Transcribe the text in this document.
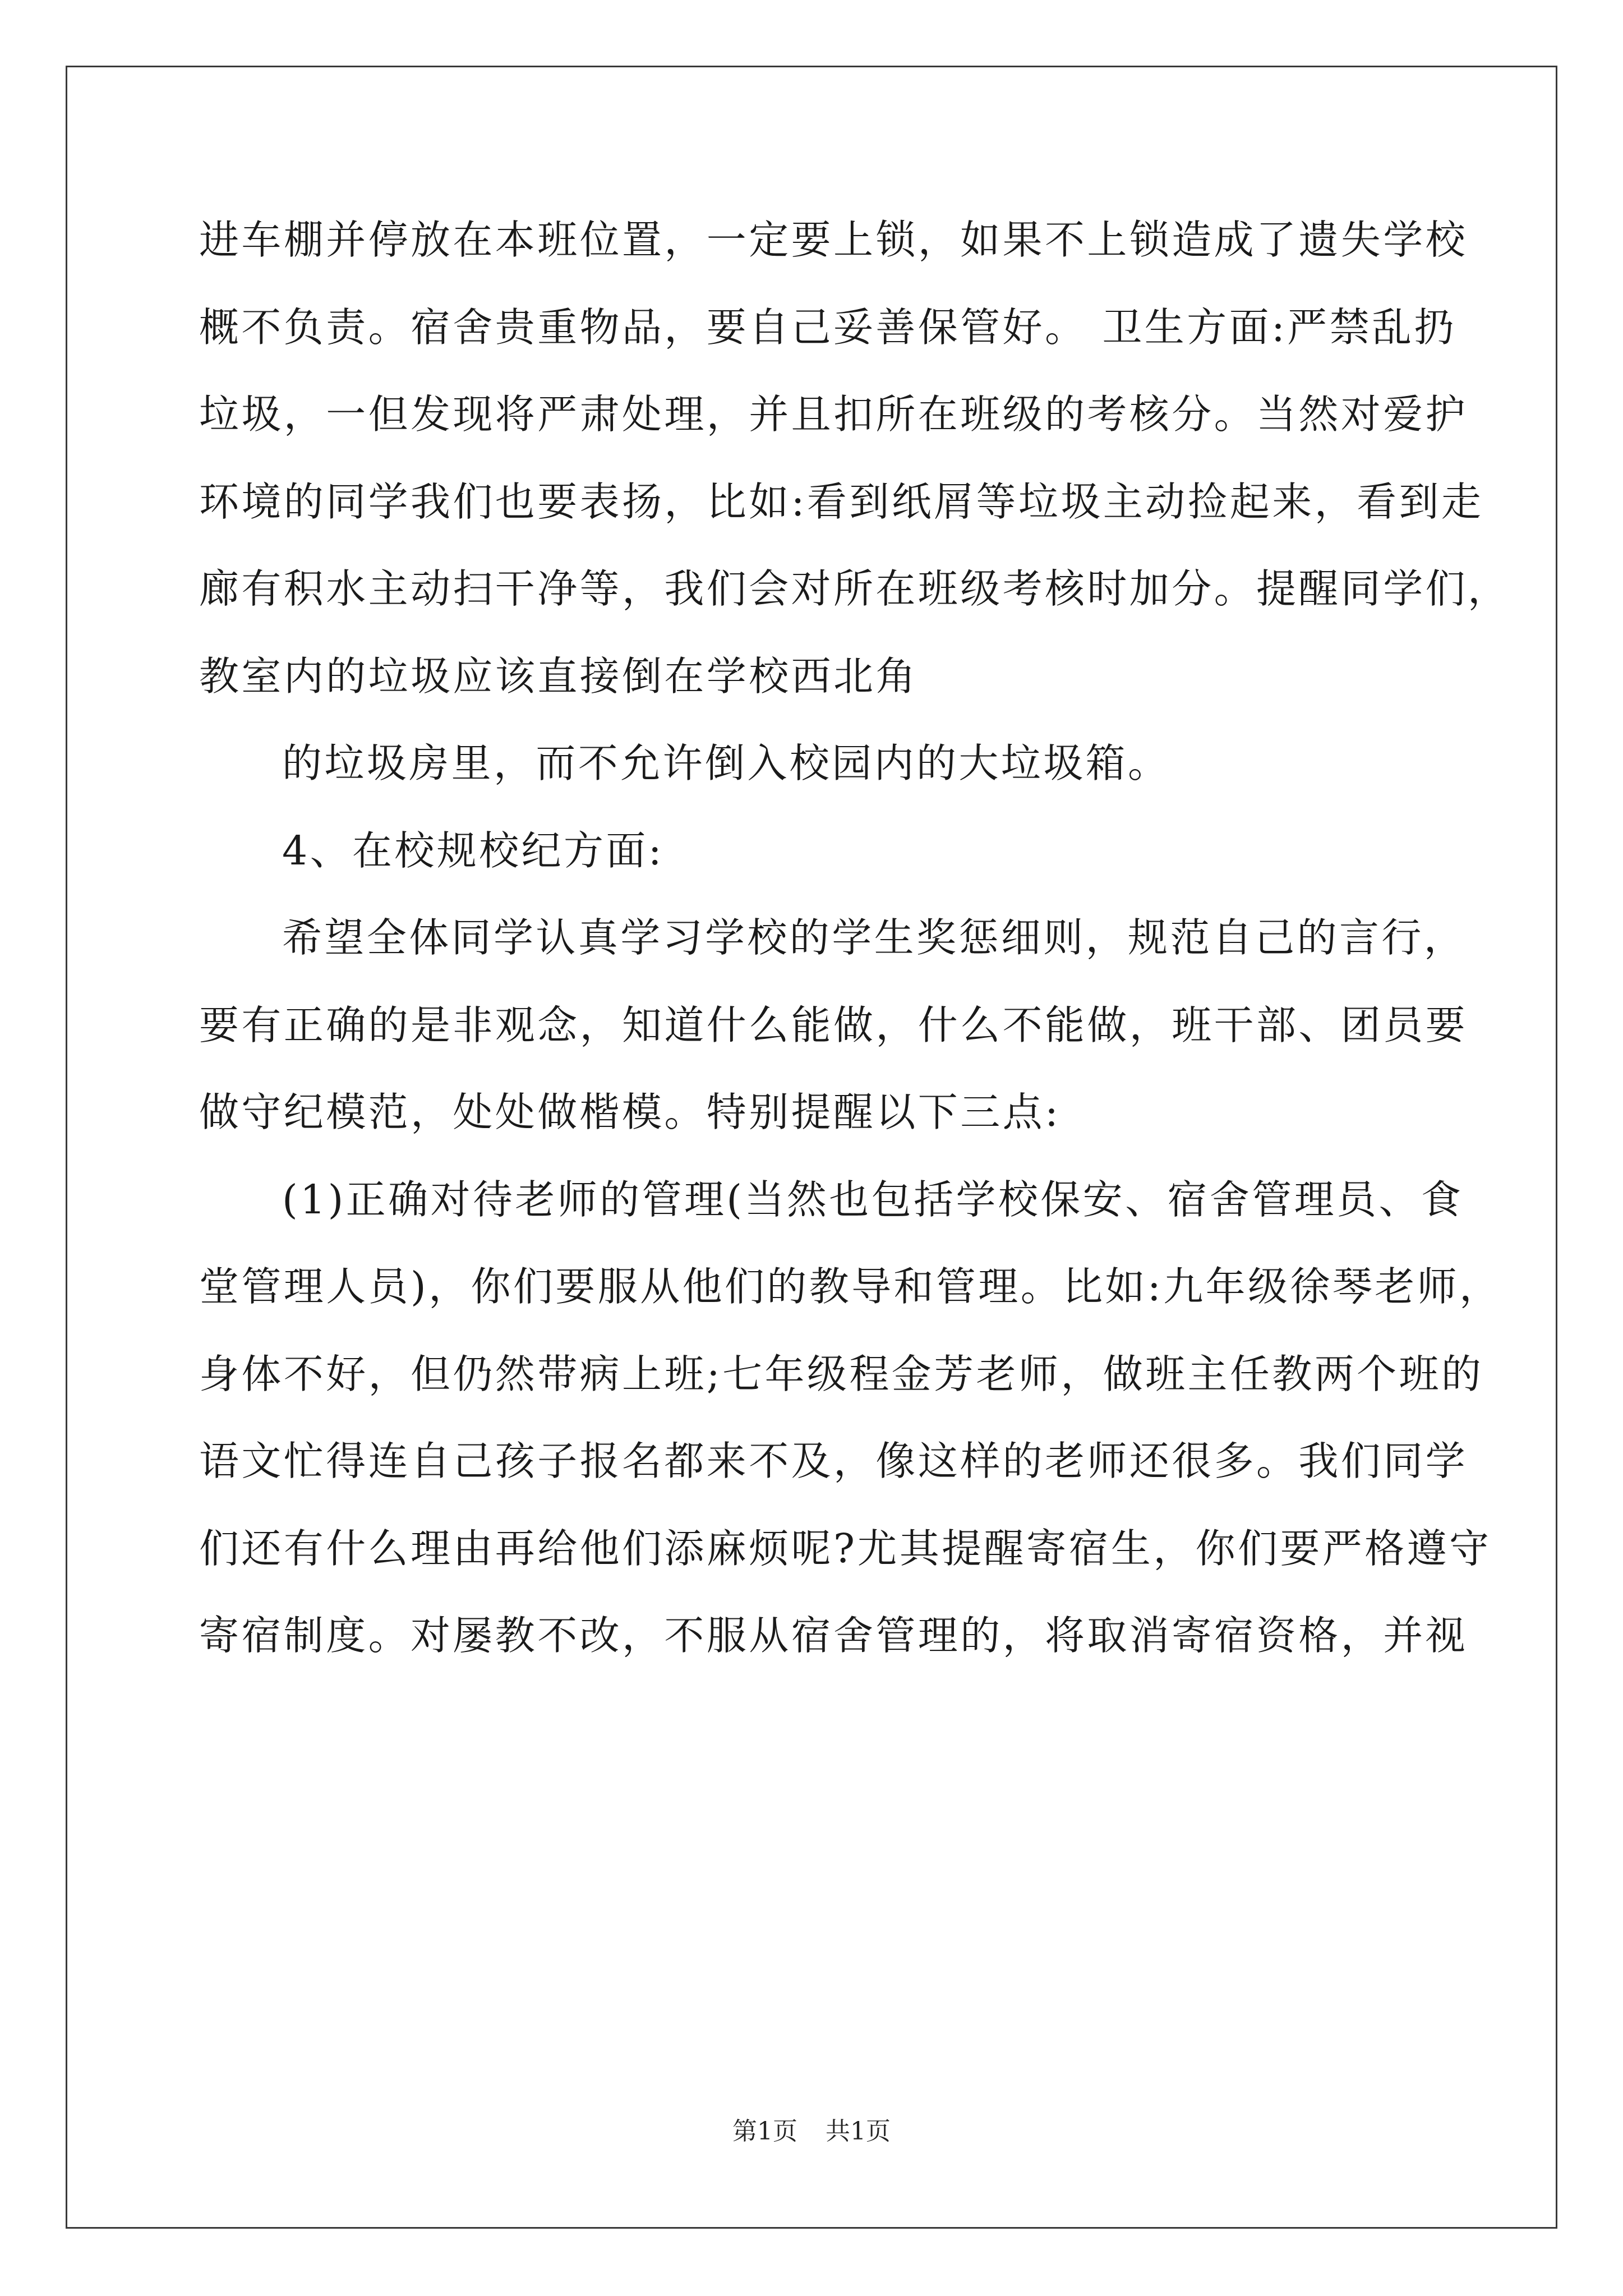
进车棚并停放在本班位置，一定要上锁，如果不上锁造成了遗失学校
概不负责。宿舍贵重物品，要自己妥善保管好。 卫生方面:严禁乱扔
垃圾，一但发现将严肃处理，并且扣所在班级的考核分。当然对爱护
环境的同学我们也要表扬，比如:看到纸屑等垃圾主动捡起来，看到走
廊有积水主动扫干净等，我们会对所在班级考核时加分。提醒同学们，
教室内的垃圾应该直接倒在学校西北角
的垃圾房里，而不允许倒入校园内的大垃圾箱。
4、在校规校纪方面:
希望全体同学认真学习学校的学生奖惩细则，规范自己的言行，
要有正确的是非观念，知道什么能做，什么不能做，班干部、团员要
做守纪模范，处处做楷模。特别提醒以下三点:
(1)正确对待老师的管理(当然也包括学校保安、宿舍管理员、食
堂管理人员)，你们要服从他们的教导和管理。比如:九年级徐琴老师，
身体不好，但仍然带病上班;七年级程金芳老师，做班主任教两个班的
语文忙得连自己孩子报名都来不及，像这样的老师还很多。我们同学
们还有什么理由再给他们添麻烦呢?尤其提醒寄宿生，你们要严格遵守
寄宿制度。对屡教不改，不服从宿舍管理的，将取消寄宿资格，并视
第1页 共1页
